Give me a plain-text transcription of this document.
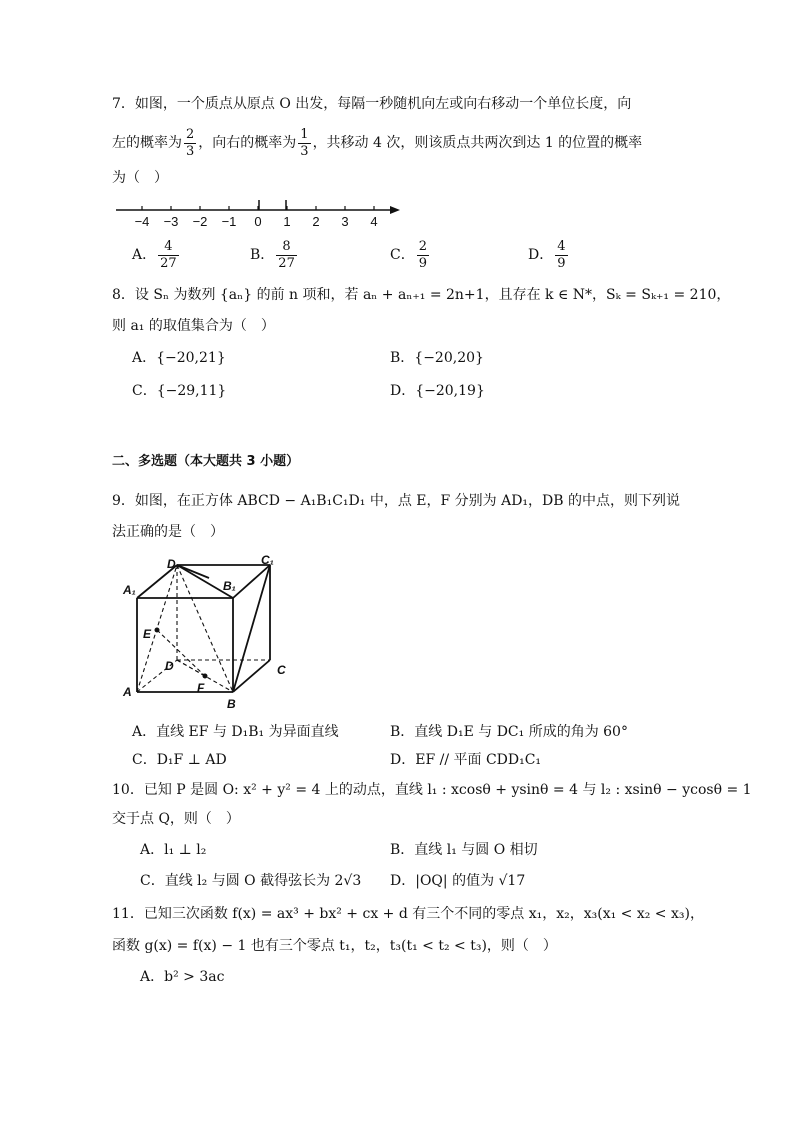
7．如图，一个质点从原点 O 出发，每隔一秒随机向左或向右移动一个单位长度，向
左的概率为 $\frac{2}{3}$ ，向右的概率为 $\frac{1}{3}$ ，共移动 4 次，则该质点共两次到达 1 的位置的概率
为（　）
−4 −3 −2 −1 0 1 2 3 4
A． $\frac{4}{27}$	B． $\frac{8}{27}$	C． $\frac{2}{9}$	D． $\frac{4}{9}$
8．设 Sₙ 为数列 {aₙ} 的前 n 项和，若 aₙ + aₙ₊₁ = 2n+1，且存在 k ∈ N*，Sₖ = Sₖ₊₁ = 210，
则 a₁ 的取值集合为（　）
A．{−20,21}	B．{−20,20}
C．{−29,11}	D．{−20,19}
二、多选题（本大题共 3 小题）
9．如图，在正方体 ABCD − A₁B₁C₁D₁ 中，点 E，F 分别为 AD₁，DB 的中点，则下列说
法正确的是（　）
A
B
C
D
A₁	B₁
C₁
D₁
E
F
A．直线 EF 与 D₁B₁ 为异面直线	B．直线 D₁E 与 DC₁ 所成的角为 60°
C．D₁F ⊥ AD	D．EF // 平面 CDD₁C₁
10．已知 P 是圆 O: x² + y² = 4 上的动点，直线 l₁ : xcosθ + ysinθ = 4 与 l₂ : xsinθ − ycosθ = 1
交于点 Q，则（　）
A．l₁ ⊥ l₂	B．直线 l₁ 与圆 O 相切
C．直线 l₂ 与圆 O 截得弦长为 2√3 D．|OQ| 的值为 √17
11．已知三次函数 f(x) = ax³ + bx² + cx + d 有三个不同的零点 x₁，x₂，x₃(x₁ < x₂ < x₃)，
函数 g(x) = f(x) − 1 也有三个零点 t₁，t₂，t₃(t₁ < t₂ < t₃)，则（　）
A．b² > 3ac
